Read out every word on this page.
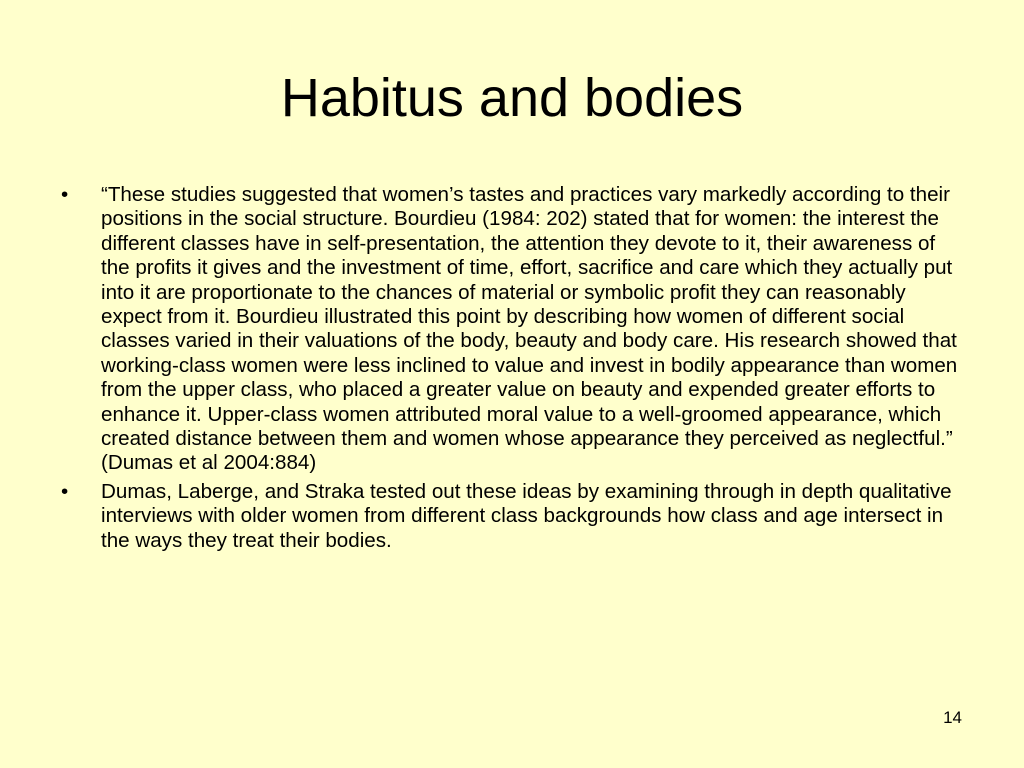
Habitus and bodies
•	“These studies suggested that women’s tastes and practices vary markedly according to their positions in the social structure. Bourdieu (1984: 202) stated that for women: the interest the different classes have in self-presentation, the attention they devote to it, their awareness of the profits it gives and the investment of time, effort, sacrifice and care which they actually put into it are proportionate to the chances of material or symbolic profit they can reasonably expect from it. Bourdieu illustrated this point by describing how women of different social classes varied in their valuations of the body, beauty and body care. His research showed that working-class women were less inclined to value and invest in bodily appearance than women from the upper class, who placed a greater value on beauty and expended greater efforts to enhance it. Upper-class women attributed moral value to a well-groomed appearance, which created distance between them and women whose appearance they perceived as neglectful.” (Dumas et al 2004:884)
•	Dumas, Laberge, and Straka tested out these ideas by examining through in depth qualitative interviews with older women from different class backgrounds how class and age intersect in the ways they treat their bodies.
14
